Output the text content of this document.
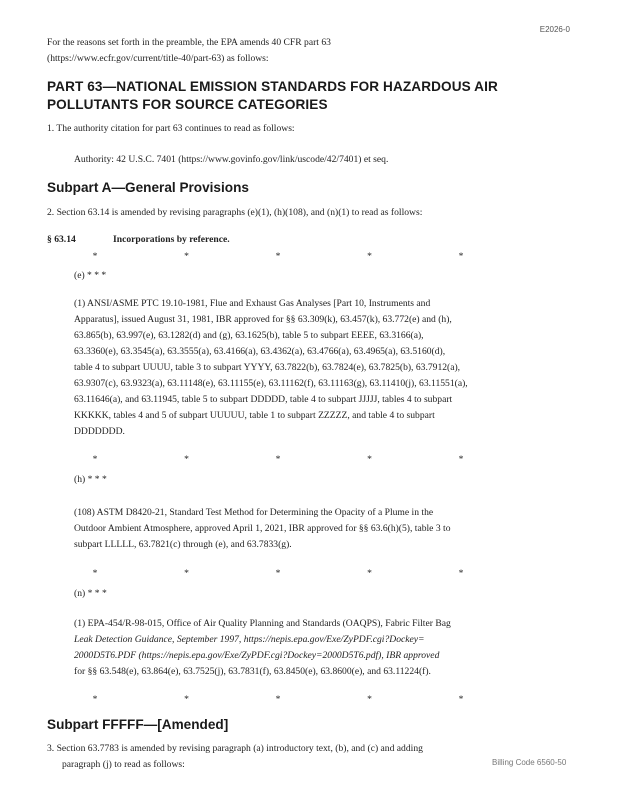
E2026-0

For the reasons set forth in the preamble, the EPA amends 40 CFR part 63

(https://www.ecfr.gov/current/title-40/part-63) as follows:

PART 63—NATIONAL EMISSION STANDARDS FOR HAZARDOUS AIR
POLLUTANTS FOR SOURCE CATEGORIES

1. The authority citation for part 63 continues to read as follows:

Authority: 42 U.S.C. 7401 (https://www.govinfo.gov/link/uscode/42/7401) et seq.

Subpart A—General Provisions

2. Section 63.14 is amended by revising paragraphs (e)(1), (h)(108), and (n)(1) to read as follows:

§ 63.14	Incorporations by reference.

*	*	*	*	*

(e) * * *

(1) ANSI/ASME PTC 19.10-1981, Flue and Exhaust Gas Analyses [Part 10, Instruments and

Apparatus], issued August 31, 1981, IBR approved for §§ 63.309(k), 63.457(k), 63.772(e) and (h),

63.865(b), 63.997(e), 63.1282(d) and (g), 63.1625(b), table 5 to subpart EEEE, 63.3166(a),

63.3360(e), 63.3545(a), 63.3555(a), 63.4166(a), 63.4362(a), 63.4766(a), 63.4965(a), 63.5160(d),

table 4 to subpart UUUU, table 3 to subpart YYYY, 63.7822(b), 63.7824(e), 63.7825(b), 63.7912(a),

63.9307(c), 63.9323(a), 63.11148(e), 63.11155(e), 63.11162(f), 63.11163(g), 63.11410(j), 63.11551(a),

63.11646(a), and 63.11945, table 5 to subpart DDDDD, table 4 to subpart JJJJJ, tables 4 to subpart

KKKKK, tables 4 and 5 of subpart UUUUU, table 1 to subpart ZZZZZ, and table 4 to subpart

DDDDDDD.

*	*	*	*	*

(h) * * *

(108) ASTM D8420-21, Standard Test Method for Determining the Opacity of a Plume in the

Outdoor Ambient Atmosphere, approved April 1, 2021, IBR approved for §§ 63.6(h)(5), table 3 to

subpart LLLLL, 63.7821(c) through (e), and 63.7833(g).

*	*	*	*	*

(n) * * *

(1) EPA-454/R-98-015, Office of Air Quality Planning and Standards (OAQPS), Fabric Filter Bag

Leak Detection Guidance, September 1997, https://nepis.epa.gov/Exe/ZyPDF.cgi?Dockey=

2000D5T6.PDF (https://nepis.epa.gov/Exe/ZyPDF.cgi?Dockey=2000D5T6.pdf), IBR approved

for §§ 63.548(e), 63.864(e), 63.7525(j), 63.7831(f), 63.8450(e), 63.8600(e), and 63.11224(f).

*	*	*	*	*
Subpart FFFFF—[Amended]

3. Section 63.7783 is amended by revising paragraph (a) introductory text, (b), and (c) and adding

paragraph (j) to read as follows:	Billing Code 6560-50
